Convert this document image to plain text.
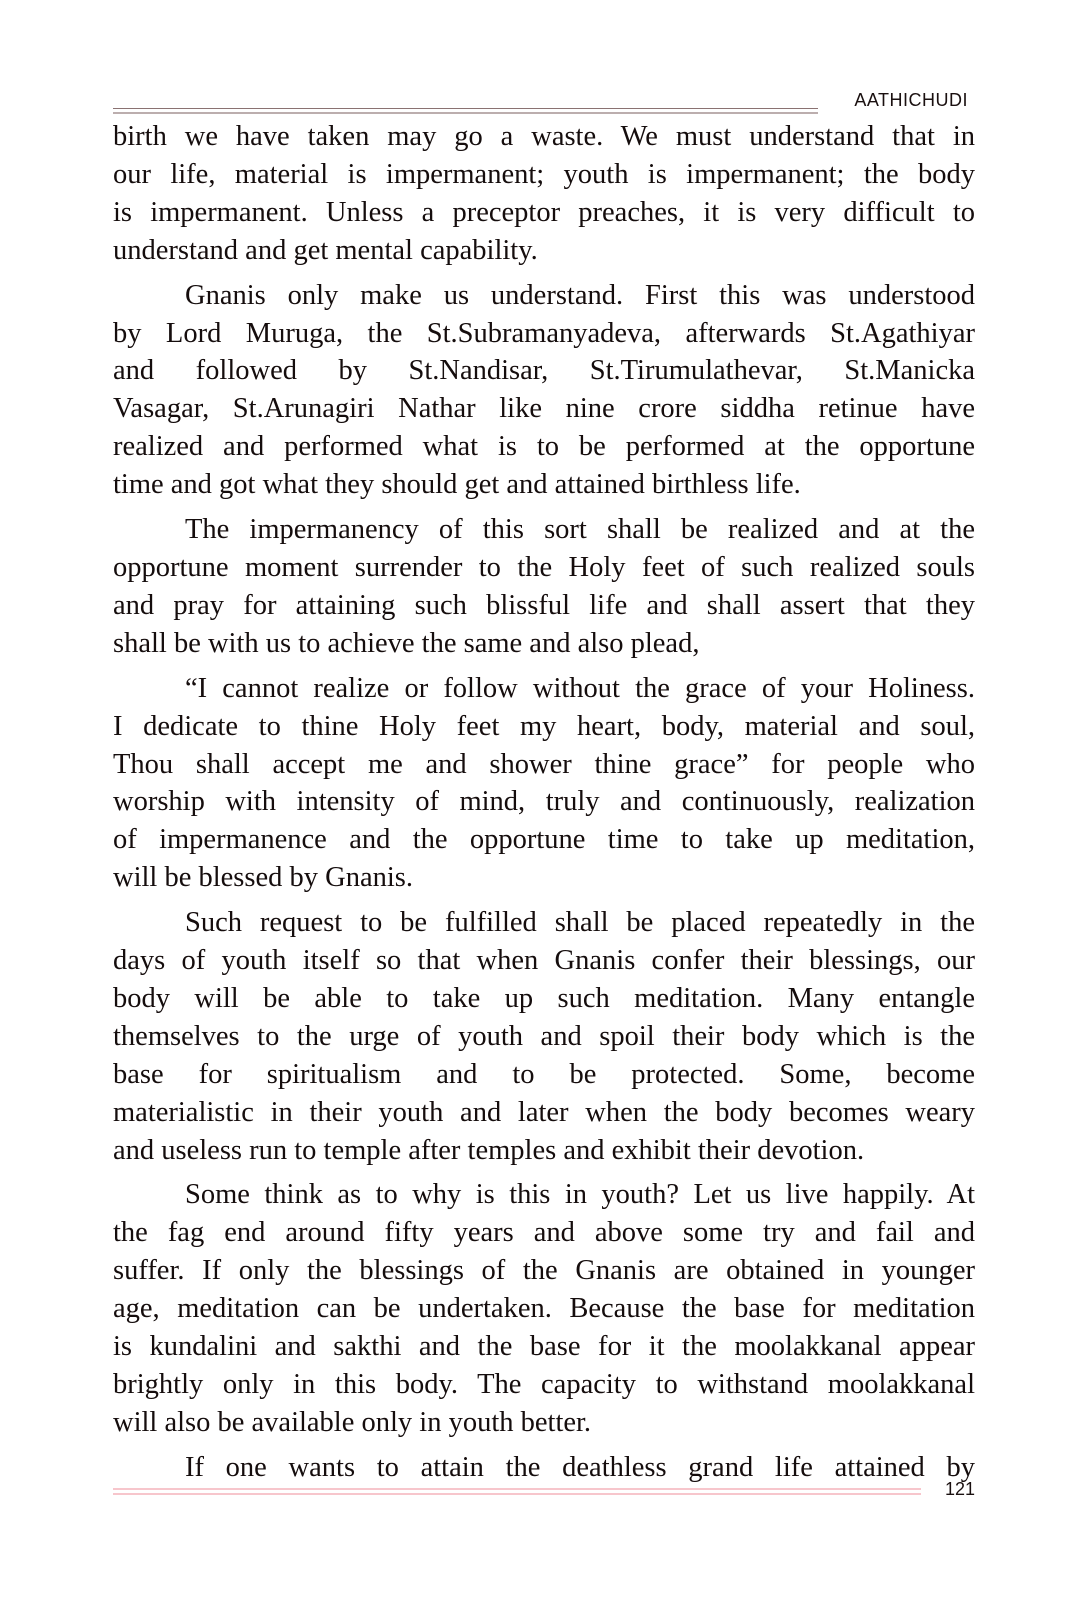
AATHICHUDI
birth we have taken may go a waste. We must understand that in
our life, material is impermanent; youth is impermanent; the body
is impermanent. Unless a preceptor preaches, it is very difficult to
understand and get mental capability.
Gnanis only make us understand. First this was understood
by Lord Muruga, the St.Subramanyadeva, afterwards St.Agathiyar
and followed by St.Nandisar, St.Tirumulathevar, St.Manicka
Vasagar, St.Arunagiri Nathar like nine crore siddha retinue have
realized and performed what is to be performed at the opportune
time and got what they should get and attained birthless life.
The impermanency of this sort shall be realized and at the
opportune moment surrender to the Holy feet of such realized souls
and pray for attaining such blissful life and shall assert that they
shall be with us to achieve the same and also plead,
“I cannot realize or follow without the grace of your Holiness.
I dedicate to thine Holy feet my heart, body, material and soul,
Thou shall accept me and shower thine grace” for people who
worship with intensity of mind, truly and continuously, realization
of impermanence and the opportune time to take up meditation,
will be blessed by Gnanis.
Such request to be fulfilled shall be placed repeatedly in the
days of youth itself so that when Gnanis confer their blessings, our
body will be able to take up such meditation. Many entangle
themselves to the urge of youth and spoil their body which is the
base for spiritualism and to be protected. Some, become
materialistic in their youth and later when the body becomes weary
and useless run to temple after temples and exhibit their devotion.
Some think as to why is this in youth? Let us live happily. At
the fag end around fifty years and above some try and fail and
suffer. If only the blessings of the Gnanis are obtained in younger
age, meditation can be undertaken. Because the base for meditation
is kundalini and sakthi and the base for it the moolakkanal appear
brightly only in this body. The capacity to withstand moolakkanal
will also be available only in youth better.
If one wants to attain the deathless grand life attained by
121
